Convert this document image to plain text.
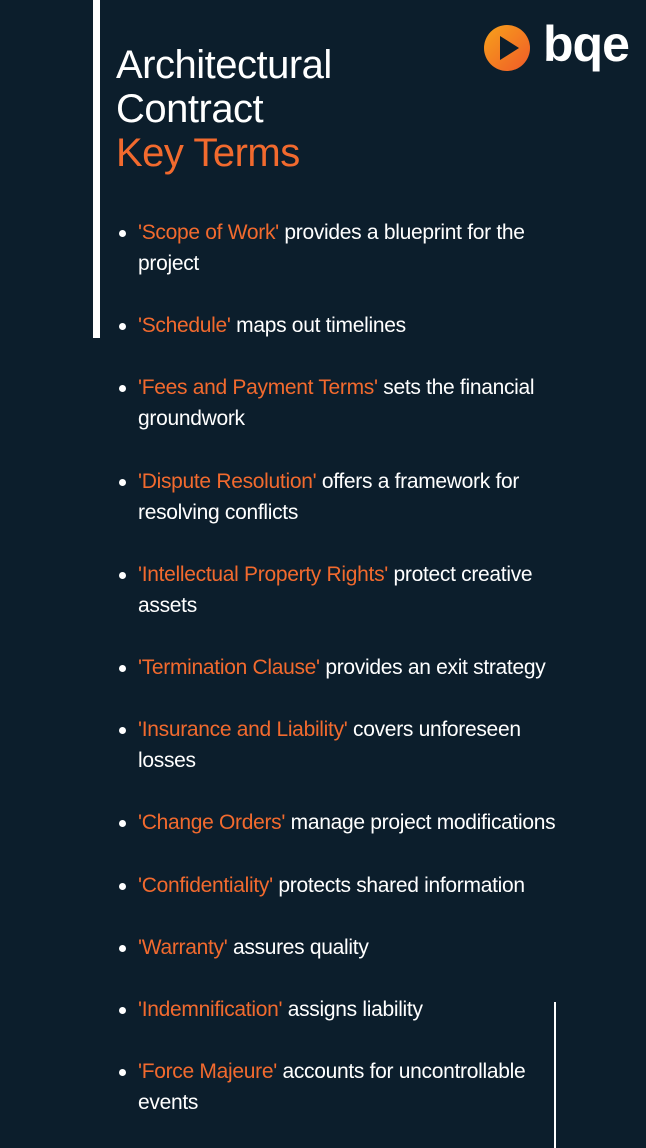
Architectural
Contract
Key Terms
bqe
'Scope of Work' provides a blueprint for the project
'Schedule' maps out timelines
'Fees and Payment Terms' sets the financial groundwork
'Dispute Resolution' offers a framework for resolving conflicts
'Intellectual Property Rights' protect creative assets
'Termination Clause' provides an exit strategy
'Insurance and Liability' covers unforeseen losses
'Change Orders' manage project modifications
'Confidentiality' protects shared information
'Warranty' assures quality
'Indemnification' assigns liability
'Force Majeure' accounts for uncontrollable events
